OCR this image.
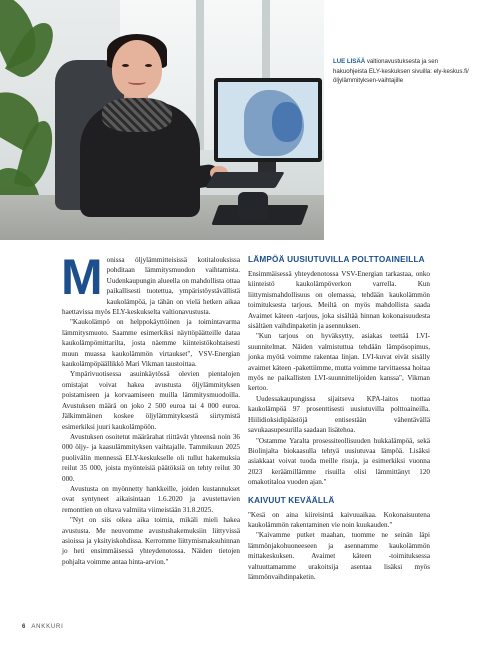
LUE LISÄÄ valtionavustuksesta ja sen hakuohjeista ELY-keskuksen sivuilla: ely-keskus.fi/öljylämmityksen-vaihtajille

Monissa öljylämmitteisissä kotitalouksissa pohditaan lämmitysmuodon vaihtamista. Uudenkaupungin alueella on mahdollista ottaa paikallisesti tuotettua, ympäristöystävällistä kaukolämpöä, ja tähän on vielä hetken aikaa haettavissa myös ELY-keskukselta valtionavustusta.

"Kaukolämpö on helppokäyttöinen ja toimintavarma lämmitysmuoto. Saamme esimerkiksi näyttöpäätteille dataa kaukolämpömittarilta, josta näemme kiinteistökohtaisesti muun muassa kaukolämmön virtaukset", VSV-Energian kaukolämpöpäällikkö Mari Vikman taustoittaa.

Ympärivuotisessa asuinkäytössä olevien pientalojen omistajat voivat hakea avustusta öljylämmityksen poistamiseen ja korvaamiseen muilla lämmitysmuodoilla. Avustuksen määrä on joko 2 500 euroa tai 4 000 euroa. Jälkimmäinen koskee öljylämmityksestä siirtymistä esimerkiksi juuri kaukolämpöön.

Avustuksen osoitetut määrärahat riittävät yhteensä noin 36 000 öljy- ja kaasulämmityksen vaihtajalle. Tammikuun 2025 puolivälin mennessä ELY-keskukselle oli tullut hakemuksia reilut 35 000, joista myönteisiä päätöksiä on tehty reilut 30 000.

Avustusta on myönnetty hankkeille, joiden kustannukset ovat syntyneet aikaisintaan 1.6.2020 ja avustettavien remonttien on oltava valmiita viimeistään 31.8.2025.

"Nyt on siis oikea aika toimia, mikäli mieli hakea avustusta. Me neuvomme avustushakemuksiin liittyvissä asioissa ja yksityiskohdissa. Kerromme liittymismaksuhinnan jo heti ensimmäisessä yhteydenotossa. Näiden tietojen pohjalta voimme antaa hinta-arvion."

LÄMPÖÄ UUSIUTUVILLA POLTTOAINEILLA

Ensimmäisessä yhteydenotossa VSV-Energian tarkastaa, onko kiinteistö kaukolämpöverkon varrella. Kun liittymismahdollisuus on olemassa, tehdään kaukolämmön toimituksesta tarjous. Meiltä on myös mahdollista saada Avaimet käteen -tarjous, joka sisältää hinnan kokonaisuudesta sisältäen vaihdinpaketin ja asennuksen.

"Kun tarjous on hyväksytty, asiakas teettää LVI-suunnitelmat. Näiden valmistuttua tehdään lämpösopimus, jonka myötä voimme rakentaa linjan. LVI-kuvat eivät sisälly avaimet käteen -pakettiimme, mutta voimme tarvittaessa hoitaa myös ne paikallisten LVI-suunnittelijoiden kanssa", Vikman kertoo.

Uudessakaupungissa sijaitseva KPA-laitos tuottaa kaukolämpöä 97 prosenttisesti uusiutuvilla polttoaineilla. Hiilidioksidipäästöjä entisestään vähentävällä savukaasupesurilla saadaan lisätehoa.

"Ostamme Yaralta prosessiteollisuuden hukkalämpöä, sekä Biolinjalta biokaasulla tehtyä uusiutuvaa lämpöä. Lisäksi asiakkaat voivat tuoda meille risuja, ja esimerkiksi vuonna 2023 keräämillämme risuilla olisi lämmittänyt 120 omakotitaloa vuoden ajan."

KAIVUUT KEVÄÄLLÄ

"Kesä on aina kiireisintä kaivuuaikaa. Kokonaisuutena kaukolämmön rakentaminen vie noin kuukauden."

"Kaivamme putket maahan, tuomme ne seinän läpi lämmönjakohuoneeseen ja asennamme kaukolämmön mittakeskuksen. Avaimet käteen -toimituksessa valtuuttamamme urakoitsija asentaa lisäksi myös lämmönvaihdinpaketin.

6 ANKKURI
